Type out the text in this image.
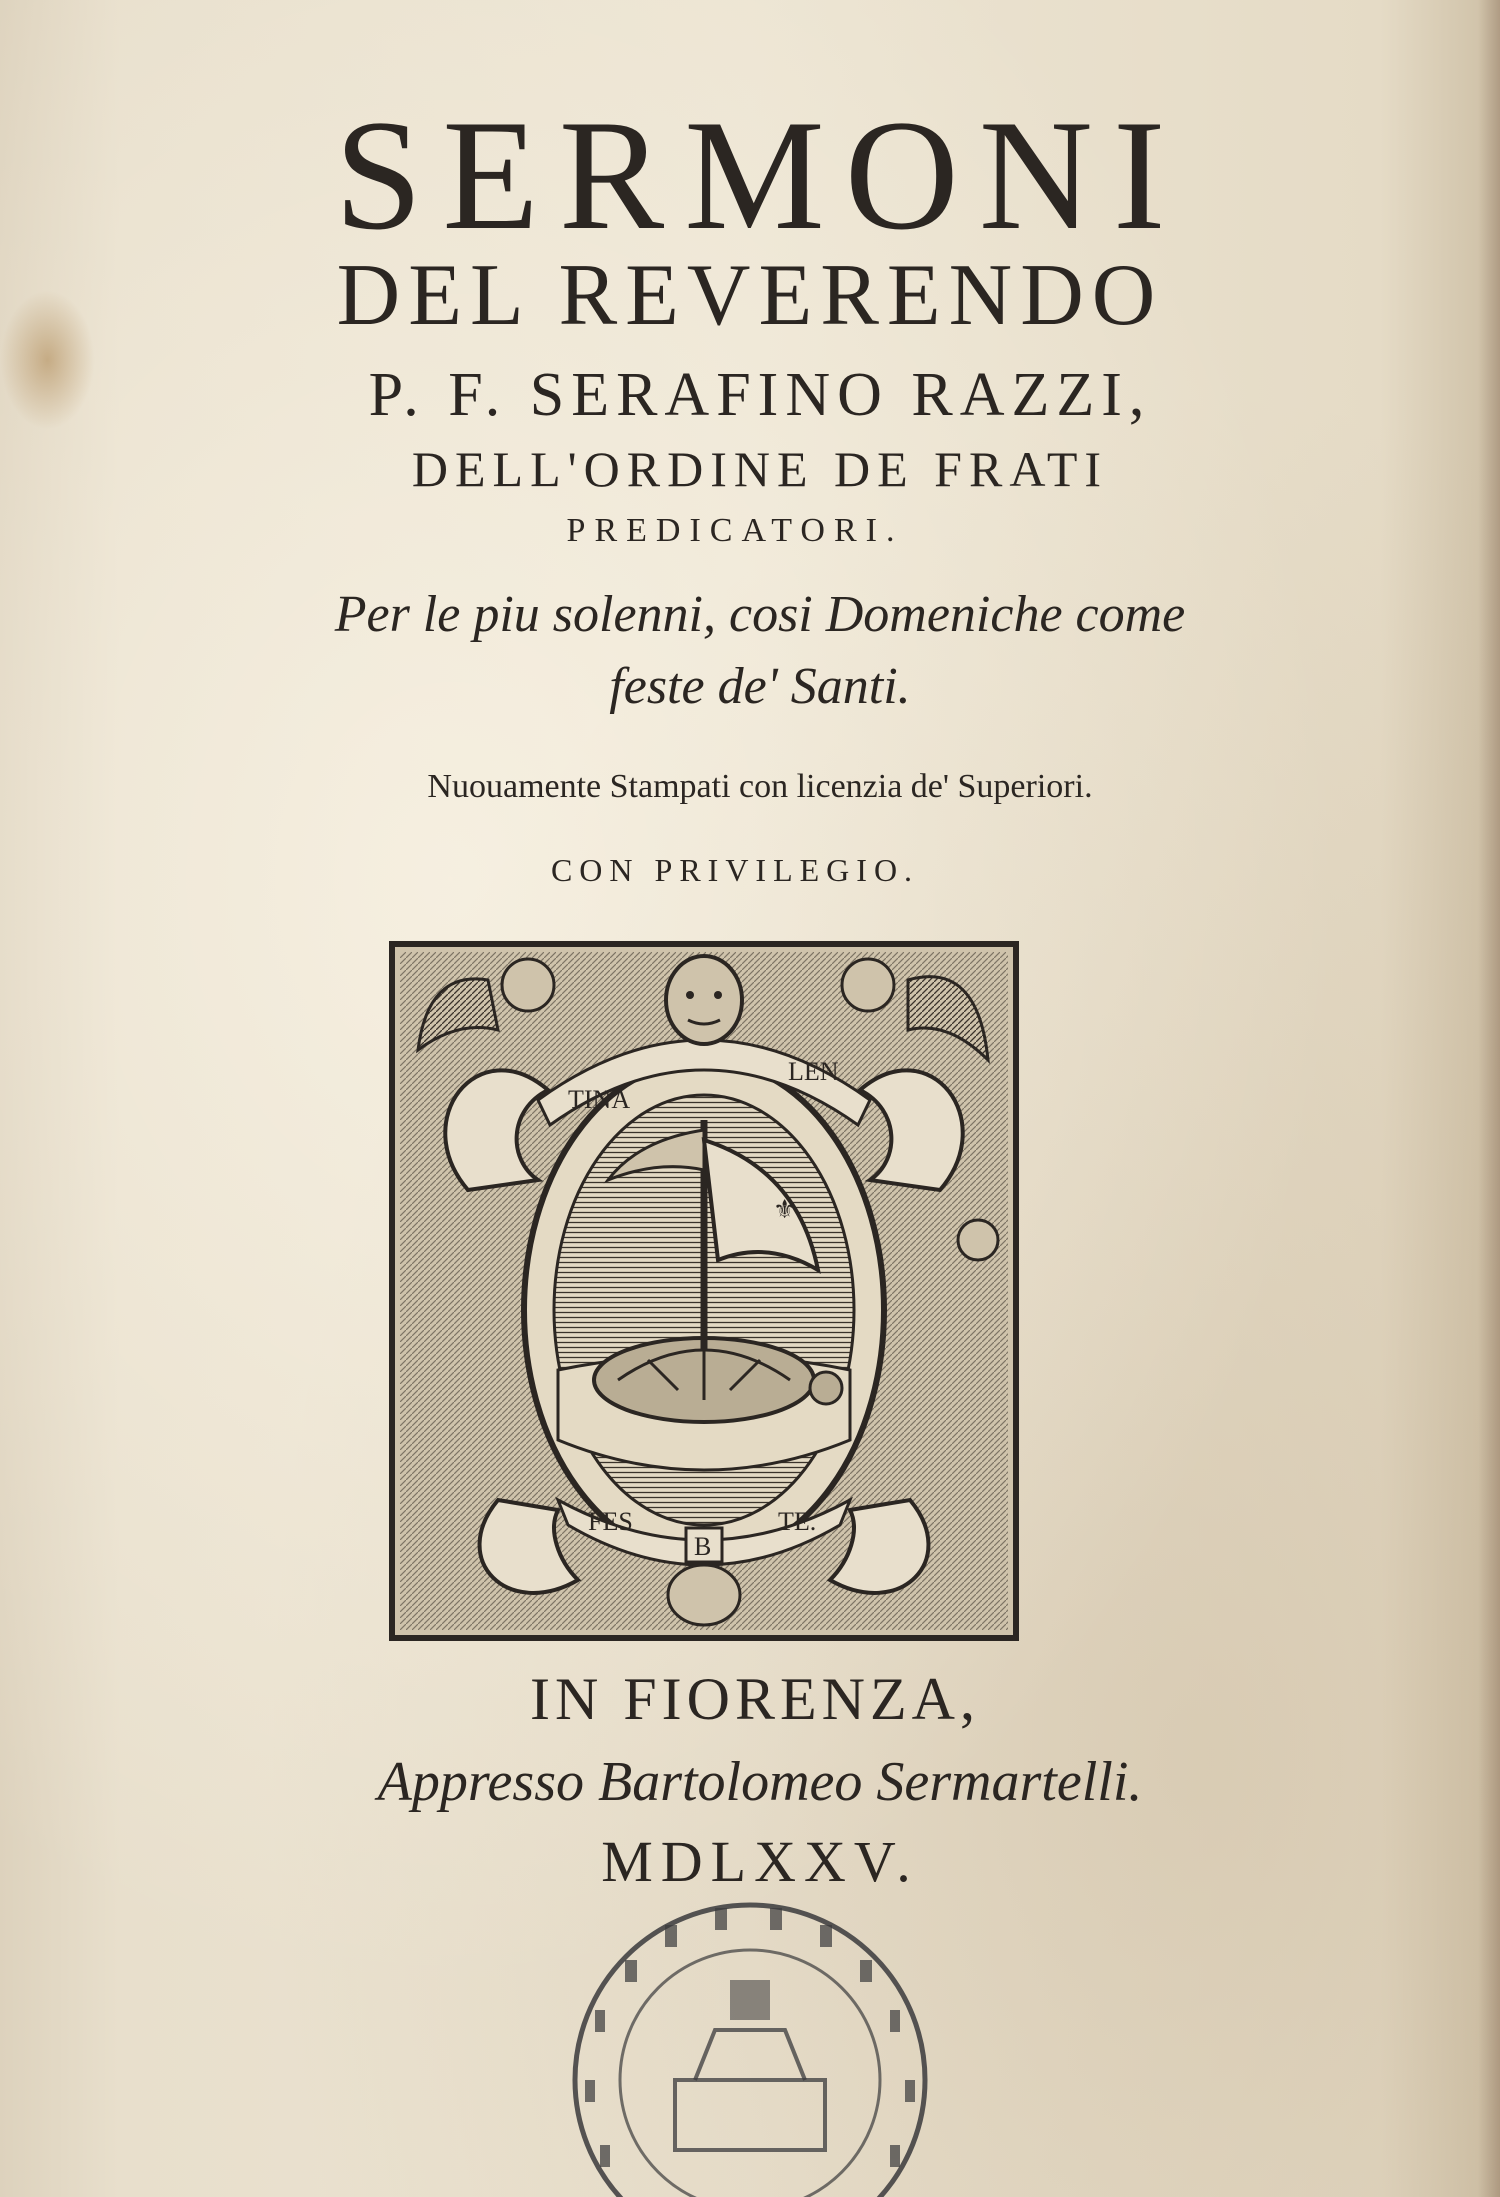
SERMONI
DEL REVERENDO
P. F. SERAFINO RAZZI,
DELL'ORDINE DE FRATI
PREDICATORI.
Per le piu solenni, cosi Domeniche come
feste de' Santi.
Nuouamente Stampati con licenzia de' Superiori.
CON PRIVILEGIO.
⚜
TINA
LEN
FES	TE.
B
IN FIORENZA,
Appresso Bartolomeo Sermartelli.
MDLXXV.
